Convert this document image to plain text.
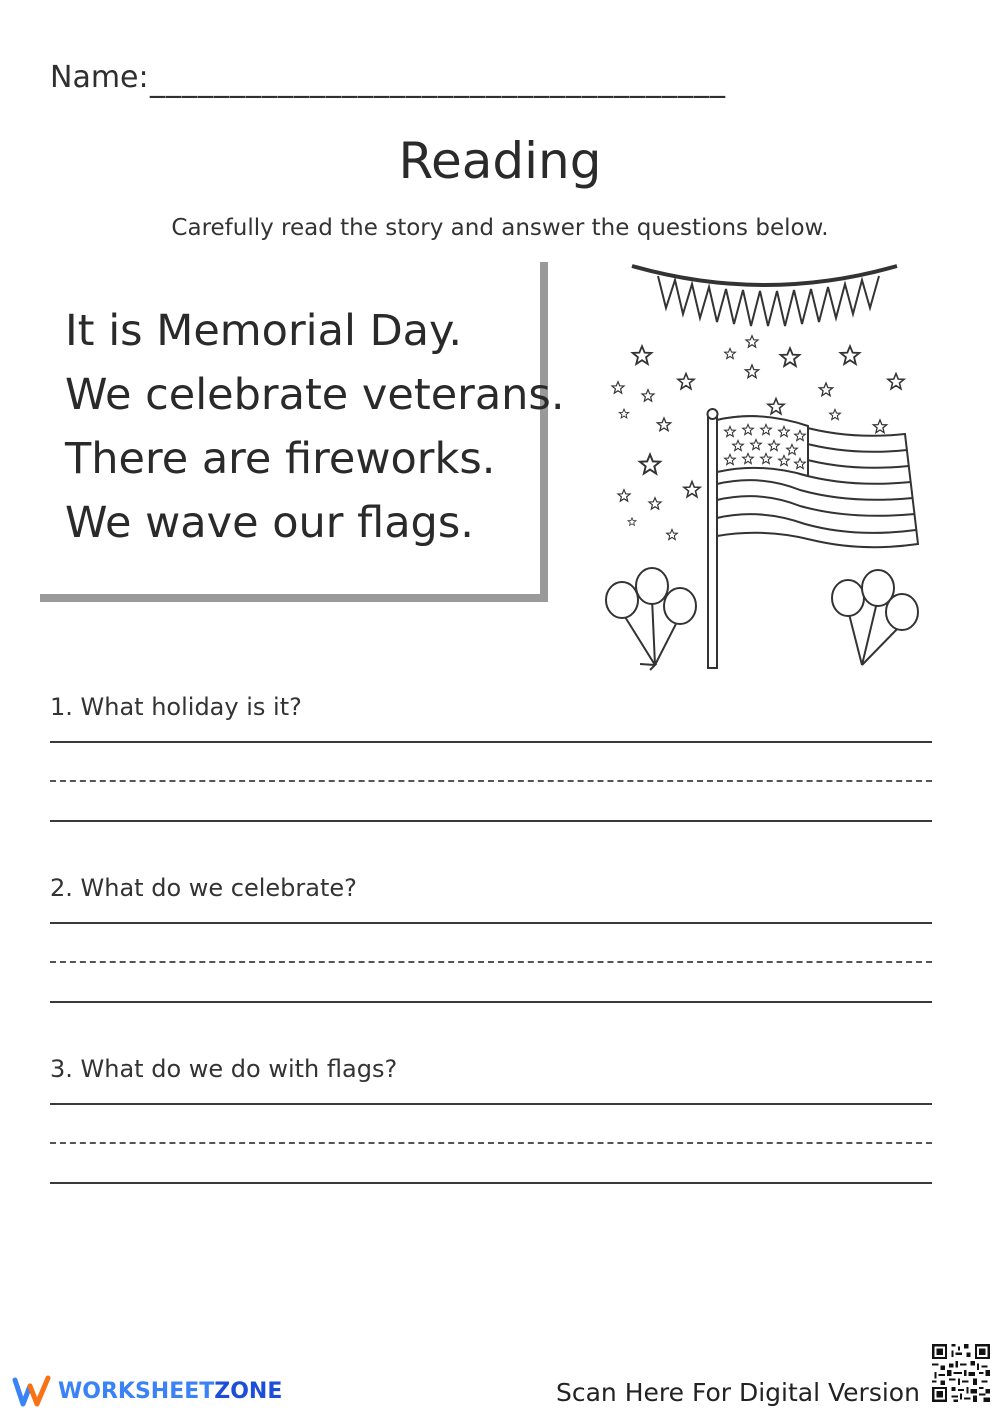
Name: ____________________________________
Reading
Carefully read the story and answer the questions below.
It is Memorial Day.
We celebrate veterans.
There are fireworks.
We wave our flags.
1. What holiday is it?
2. What do we celebrate?
3. What do we do with flags?
WORKSHEETZONE	Scan Here For Digital Version
